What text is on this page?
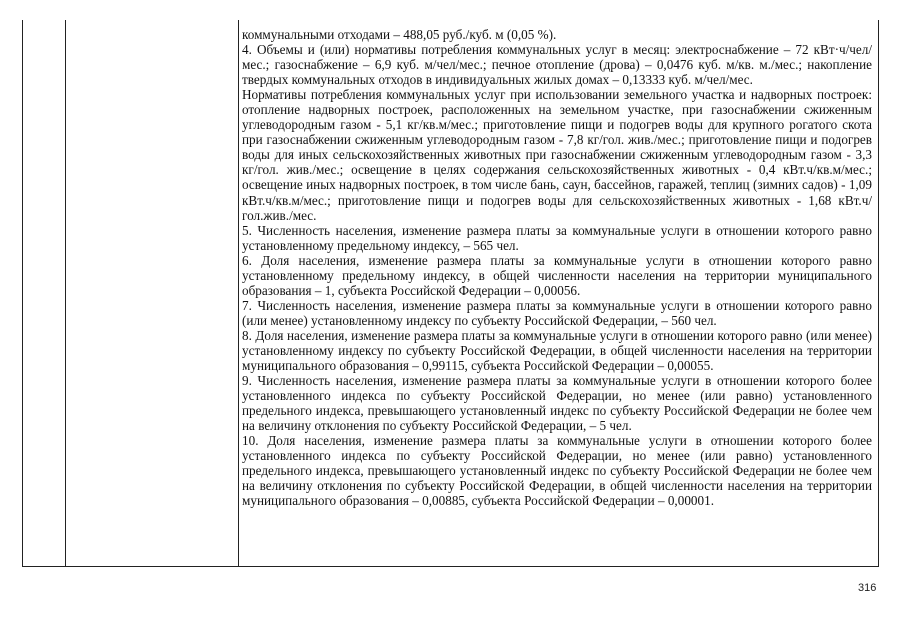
коммунальными отходами – 488,05 руб./куб. м (0,05 %).

4. Объемы и (или) нормативы потребления коммунальных услуг в месяц: электроснабжение – 72 кВт·ч/чел/мес.; газоснабжение – 6,9 куб. м/чел/мес.; печное отопление (дрова) – 0,0476 куб. м/кв. м./мес.; накопление твердых коммунальных отходов в индивидуальных жилых домах – 0,13333 куб. м/чел/мес.

Нормативы потребления коммунальных услуг при использовании земельного участка и надворных построек: отопление надворных построек, расположенных на земельном участке, при газоснабжении сжиженным углеводородным газом - 5,1 кг/кв.м/мес.; приготовление пищи и подогрев воды для крупного рогатого скота при газоснабжении сжиженным углеводородным газом - 7,8 кг/гол. жив./мес.; приготовление пищи и подогрев воды для иных сельскохозяйственных животных при газоснабжении сжиженным углеводородным газом - 3,3 кг/гол. жив./мес.; освещение в целях содержания сельскохозяйственных животных - 0,4 кВт.ч/кв.м/мес.; освещение иных надворных построек, в том числе бань, саун, бассейнов, гаражей, теплиц (зимних садов) - 1,09 кВт.ч/кв.м/мес.; приготовление пищи и подогрев воды для сельскохозяйственных животных - 1,68 кВт.ч/гол.жив./мес.

5. Численность населения, изменение размера платы за коммунальные услуги в отношении которого равно установленному предельному индексу, – 565 чел.

6. Доля населения, изменение размера платы за коммунальные услуги в отношении которого равно установленному предельному индексу, в общей численности населения на территории муниципального образования – 1, субъекта Российской Федерации – 0,00056.

7. Численность населения, изменение размера платы за коммунальные услуги в отношении которого равно (или менее) установленному индексу по субъекту Российской Федерации, – 560 чел.

8. Доля населения, изменение размера платы за коммунальные услуги в отношении которого равно (или менее) установленному индексу по субъекту Российской Федерации, в общей численности населения на территории муниципального образования – 0,99115, субъекта Российской Федерации – 0,00055.

9. Численность населения, изменение размера платы за коммунальные услуги в отношении которого более установленного индекса по субъекту Российской Федерации, но менее (или равно) установленного предельного индекса, превышающего установленный индекс по субъекту Российской Федерации не более чем на величину отклонения по субъекту Российской Федерации, – 5 чел.

10. Доля населения, изменение размера платы за коммунальные услуги в отношении которого более установленного индекса по субъекту Российской Федерации, но менее (или равно) установленного предельного индекса, превышающего установленный индекс по субъекту Российской Федерации не более чем на величину отклонения по субъекту Российской Федерации, в общей численности населения на территории муниципального образования – 0,00885, субъекта Российской Федерации – 0,00001.

316
